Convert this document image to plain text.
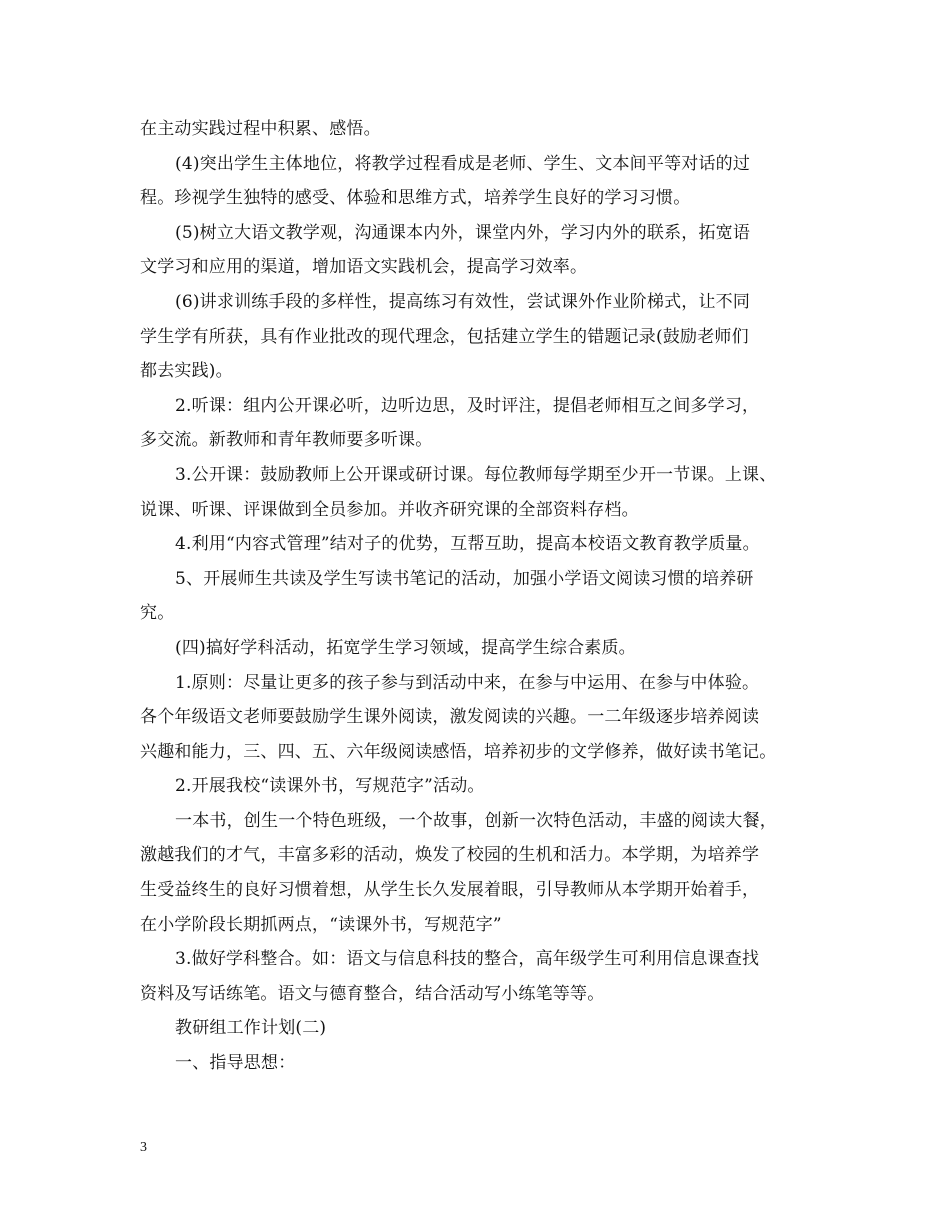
在主动实践过程中积累、感悟。
(4)突出学生主体地位，将教学过程看成是老师、学生、文本间平等对话的过
程。珍视学生独特的感受、体验和思维方式，培养学生良好的学习习惯。
(5)树立大语文教学观，沟通课本内外，课堂内外，学习内外的联系，拓宽语
文学习和应用的渠道，增加语文实践机会，提高学习效率。
(6)讲求训练手段的多样性，提高练习有效性，尝试课外作业阶梯式，让不同
学生学有所获，具有作业批改的现代理念，包括建立学生的错题记录(鼓励老师们
都去实践)。
2.听课：组内公开课必听，边听边思，及时评注，提倡老师相互之间多学习，
多交流。新教师和青年教师要多听课。
3.公开课：鼓励教师上公开课或研讨课。每位教师每学期至少开一节课。上课、
说课、听课、评课做到全员参加。并收齐研究课的全部资料存档。
4.利用“内容式管理”结对子的优势，互帮互助，提高本校语文教育教学质量。
5、开展师生共读及学生写读书笔记的活动，加强小学语文阅读习惯的培养研
究。
(四)搞好学科活动，拓宽学生学习领域，提高学生综合素质。
1.原则：尽量让更多的孩子参与到活动中来，在参与中运用、在参与中体验。
各个年级语文老师要鼓励学生课外阅读，激发阅读的兴趣。一二年级逐步培养阅读
兴趣和能力，三、四、五、六年级阅读感悟，培养初步的文学修养，做好读书笔记。
2.开展我校“读课外书，写规范字”活动。
一本书，创生一个特色班级，一个故事，创新一次特色活动，丰盛的阅读大餐，
激越我们的才气，丰富多彩的活动，焕发了校园的生机和活力。本学期，为培养学
生受益终生的良好习惯着想，从学生长久发展着眼，引导教师从本学期开始着手，
在小学阶段长期抓两点，“读课外书，写规范字”
3.做好学科整合。如：语文与信息科技的整合，高年级学生可利用信息课查找
资料及写话练笔。语文与德育整合，结合活动写小练笔等等。
教研组工作计划(二)
一、指导思想：
3
